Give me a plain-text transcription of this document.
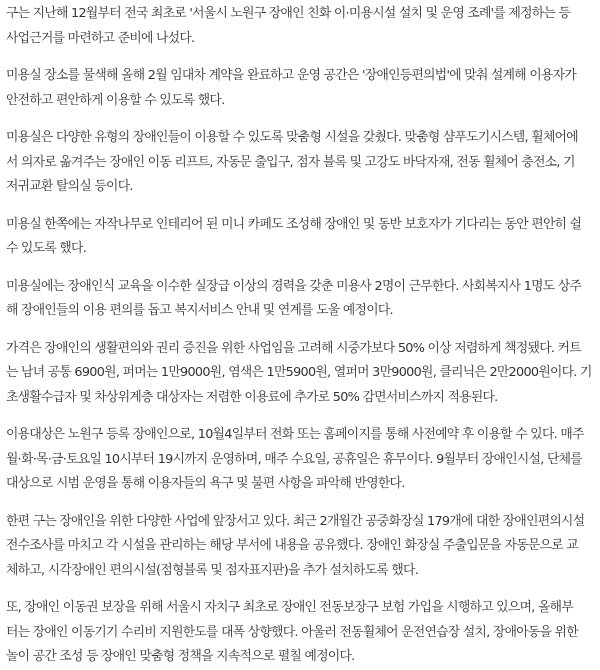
구는 지난해 12월부터 전국 최초로 '서울시 노원구 장애인 친화 이·미용시설 설치 및 운영 조례'를 제정하는 등
사업근거를 마련하고 준비에 나섰다.

미용실 장소를 물색해 올해 2월 임대차 계약을 완료하고 운영 공간은 '장애인등편의법'에 맞춰 설계해 이용자가
안전하고 편안하게 이용할 수 있도록 했다.

미용실은 다양한 유형의 장애인들이 이용할 수 있도록 맞춤형 시설을 갖췄다. 맞춤형 샴푸도기시스템, 휠체어에
서 의자로 옮겨주는 장애인 이동 리프트, 자동문 출입구, 점자 블록 및 고강도 바닥자재, 전동 휠체어 충전소, 기
저귀교환 탈의실 등이다.

미용실 한쪽에는 자작나무로 인테리어 된 미니 카페도 조성해 장애인 및 동반 보호자가 기다리는 동안 편안히 쉴
수 있도록 했다.

미용실에는 장애인식 교육을 이수한 실장급 이상의 경력을 갖춘 미용사 2명이 근무한다. 사회복지사 1명도 상주
해 장애인들의 이용 편의를 돕고 복지서비스 안내 및 연계를 도울 예정이다.

가격은 장애인의 생활편의와 권리 증진을 위한 사업임을 고려해 시중가보다 50% 이상 저렴하게 책정됐다. 커트
는 남녀 공통 6900원, 퍼머는 1만9000원, 염색은 1만5900원, 열퍼머 3만9000원, 클리닉은 2만2000원이다. 기
초생활수급자 및 차상위계층 대상자는 저렴한 이용료에 추가로 50% 감면서비스까지 적용된다.

이용대상은 노원구 등록 장애인으로, 10월4일부터 전화 또는 홈페이지를 통해 사전예약 후 이용할 수 있다. 매주
월·화·목·금·토요일 10시부터 19시까지 운영하며, 매주 수요일, 공휴일은 휴무이다. 9월부터 장애인시설, 단체를
대상으로 시범 운영을 통해 이용자들의 욕구 및 불편 사항을 파악해 반영한다.

한편 구는 장애인을 위한 다양한 사업에 앞장서고 있다. 최근 2개월간 공중화장실 179개에 대한 장애인편의시설
전수조사를 마치고 각 시설을 관리하는 해당 부서에 내용을 공유했다. 장애인 화장실 주출입문을 자동문으로 교
체하고, 시각장애인 편의시설(점형블록 및 점자표지판)을 추가 설치하도록 했다.

또, 장애인 이동권 보장을 위해 서울시 자치구 최초로 장애인 전동보장구 보험 가입을 시행하고 있으며, 올해부
터는 장애인 이동기기 수리비 지원한도를 대폭 상향했다. 아울러 전동휠체어 운전연습장 설치, 장애아동을 위한
놀이 공간 조성 등 장애인 맞춤형 정책을 지속적으로 펼칠 예정이다.
